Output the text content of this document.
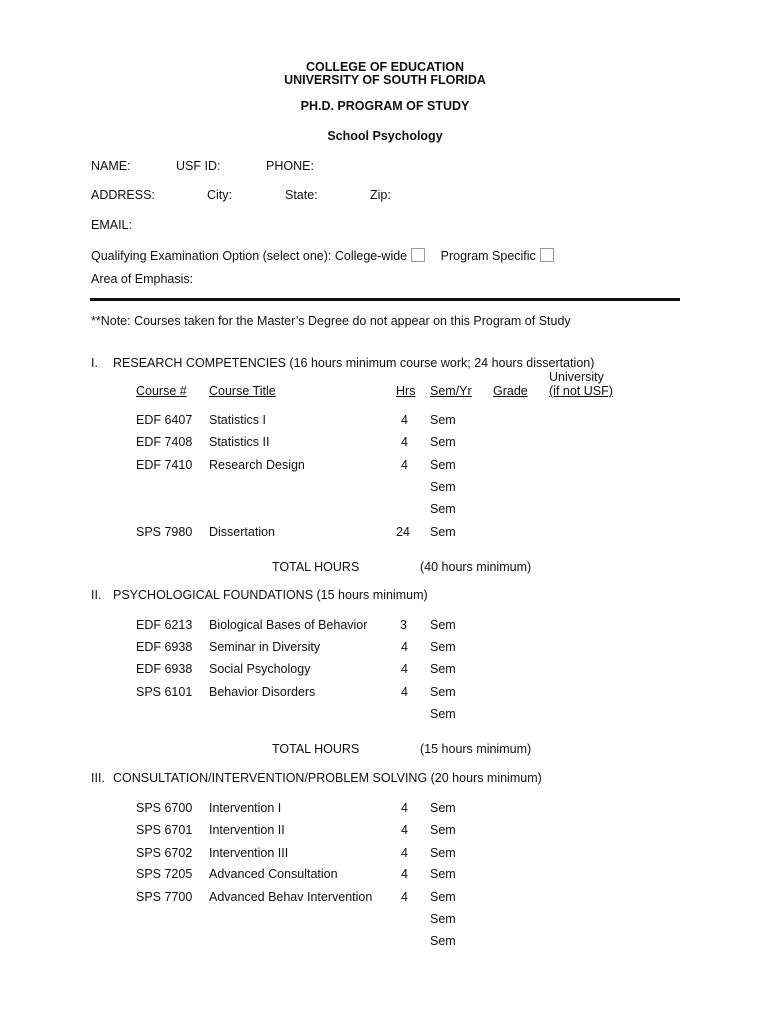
COLLEGE OF EDUCATION
UNIVERSITY OF SOUTH FLORIDA
PH.D. PROGRAM OF STUDY
School Psychology
NAME:	USF ID:	PHONE:
ADDRESS:	City:	State:	Zip:
EMAIL:
Qualifying Examination Option (select one): College-wide	Program Specific
Area of Emphasis:
**Note: Courses taken for the Master’s Degree do not appear on this Program of Study
I. RESEARCH COMPETENCIES (16 hours minimum course work; 24 hours dissertation)
University
Course # Course Title	Hrs Sem/Yr Grade (if not USF)
EDF 6407 Statistics I	4 Sem
EDF 7408 Statistics II	4 Sem
EDF 7410 Research Design	4 Sem
Sem
Sem
SPS 7980 Dissertation	24 Sem
TOTAL HOURS	(40 hours minimum)
II. PSYCHOLOGICAL FOUNDATIONS (15 hours minimum)
EDF 6213 Biological Bases of Behavior	3 Sem
EDF 6938 Seminar in Diversity	4 Sem
EDF 6938 Social Psychology	4 Sem
SPS 6101 Behavior Disorders	4 Sem
Sem
TOTAL HOURS	(15 hours minimum)
III. CONSULTATION/INTERVENTION/PROBLEM SOLVING (20 hours minimum)
SPS 6700 Intervention I	4 Sem
SPS 6701 Intervention II	4 Sem
SPS 6702 Intervention III	4 Sem
SPS 7205 Advanced Consultation	4 Sem
SPS 7700 Advanced Behav Intervention	4 Sem
Sem
Sem
